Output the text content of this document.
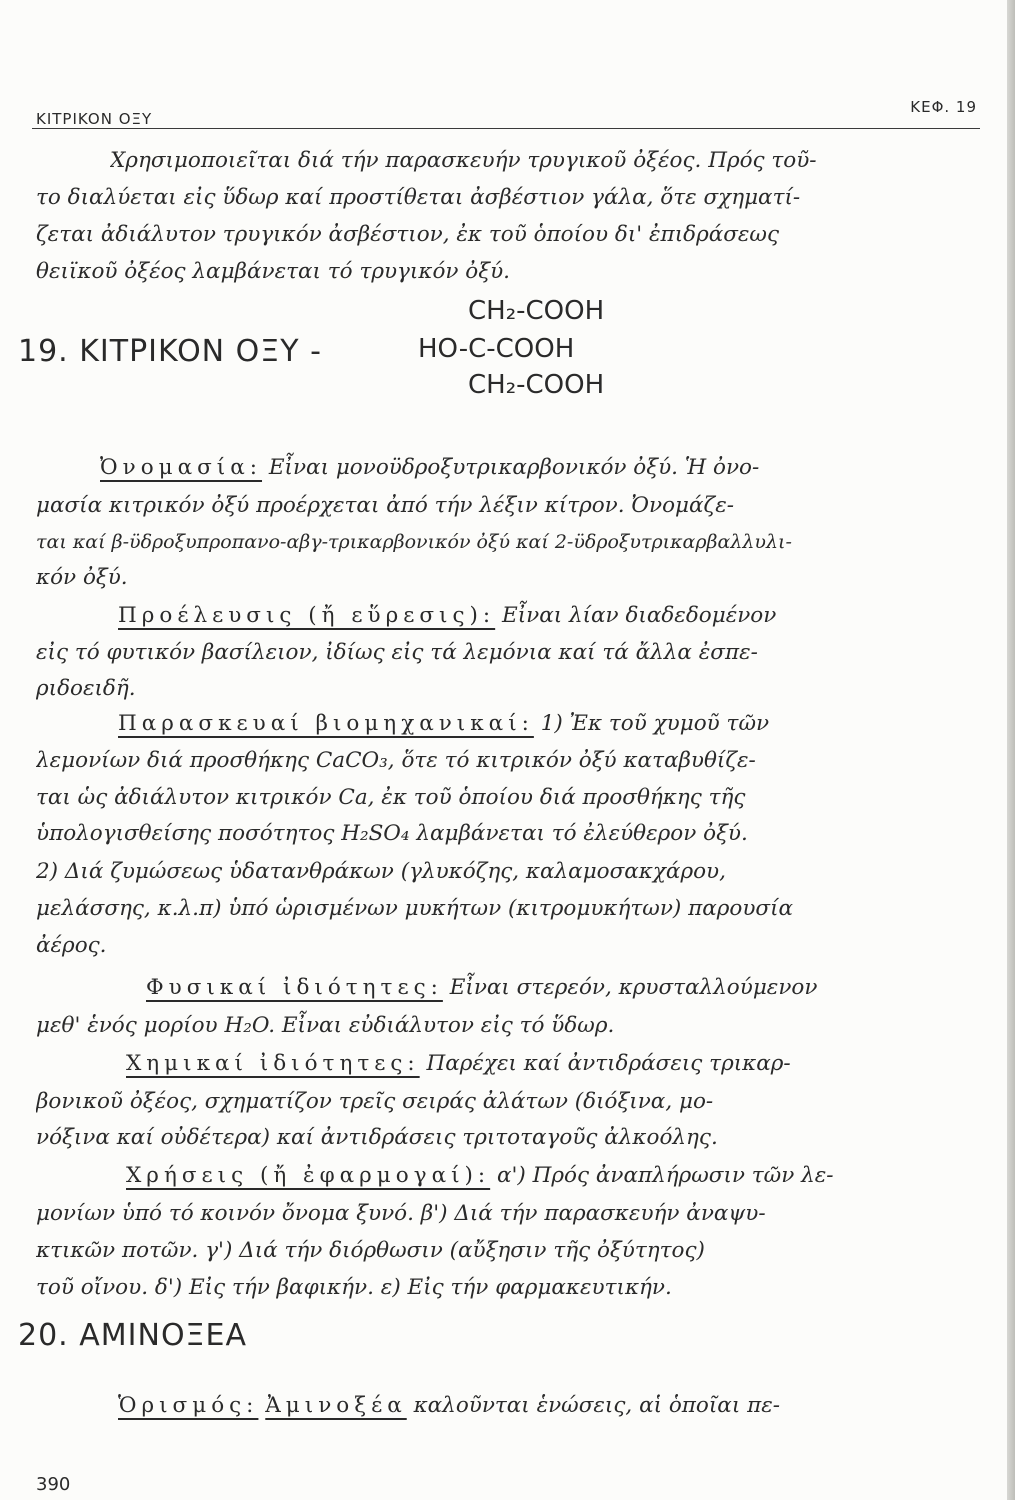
KITPIKON OΞY
KEΦ. 19
Χρησιμοποιεῖται διά τήν παρασκευήν τρυγικοῦ ὀξέος. Πρός τοῦ-
το διαλύεται εἰς ὕδωρ καί προστίθεται ἀσβέστιον γάλα, ὅτε σχηματί-
ζεται ἀδιάλυτον τρυγικόν ἀσβέστιον, ἐκ τοῦ ὁποίου δι' ἐπιδράσεως
θειϊκοῦ ὀξέος λαμβάνεται τό τρυγικόν ὀξύ.
19. KITPIKON OΞY -
CH₂-COOH
HO-C-COOH
CH₂-COOH
Ὀνομασία: Εἶναι μονοϋδροξυτρικαρβονικόν ὀξύ. Ἡ ὀνο-
μασία κιτρικόν ὀξύ προέρχεται ἀπό τήν λέξιν κίτρον. Ὀνομάζε-
ται καί β-ϋδροξυπροπανο-αβγ-τρικαρβονικόν ὀξύ καί 2-ϋδροξυτρικαρβαλλυλι-
κόν ὀξύ.
Προέλευσις (ἤ εὕρεσις): Εἶναι λίαν διαδεδομένον
εἰς τό φυτικόν βασίλειον, ἰδίως εἰς τά λεμόνια καί τά ἄλλα ἐσπε-
ριδοειδῆ.
Παρασκευαί βιομηχανικαί: 1) Ἐκ τοῦ χυμοῦ τῶν
λεμονίων διά προσθήκης CaCO₃, ὅτε τό κιτρικόν ὀξύ καταβυθίζε-
ται ὡς ἀδιάλυτον κιτρικόν Ca, ἐκ τοῦ ὁποίου διά προσθήκης τῆς
ὑπολογισθείσης ποσότητος H₂SO₄ λαμβάνεται τό ἐλεύθερον ὀξύ.
2) Διά ζυμώσεως ὑδατανθράκων (γλυκόζης, καλαμοσακχάρου,
μελάσσης, κ.λ.π) ὑπό ὡρισμένων μυκήτων (κιτρομυκήτων) παρουσία
ἀέρος.
Φυσικαί ἰδιότητες: Εἶναι στερεόν, κρυσταλλούμενον
μεθ' ἑνός μορίου H₂O. Εἶναι εὐδιάλυτον εἰς τό ὕδωρ.
Χημικαί ἰδιότητες: Παρέχει καί ἀντιδράσεις τρικαρ-
βονικοῦ ὀξέος, σχηματίζον τρεῖς σειράς ἀλάτων (διόξινα, μο-
νόξινα καί οὐδέτερα) καί ἀντιδράσεις τριτοταγοῦς ἀλκοόλης.
Χρήσεις (ἤ ἐφαρμογαί): α') Πρός ἀναπλήρωσιν τῶν λε-
μονίων ὑπό τό κοινόν ὄνομα ξυνό. β') Διά τήν παρασκευήν ἀναψυ-
κτικῶν ποτῶν. γ') Διά τήν διόρθωσιν (αὔξησιν τῆς ὀξύτητος)
τοῦ οἴνου. δ') Εἰς τήν βαφικήν. ε) Εἰς τήν φαρμακευτικήν.
20. AMINOΞEA
Ὁρισμός: Ἀμινοξέα καλοῦνται ἑνώσεις, αἱ ὁποῖαι πε-
390
